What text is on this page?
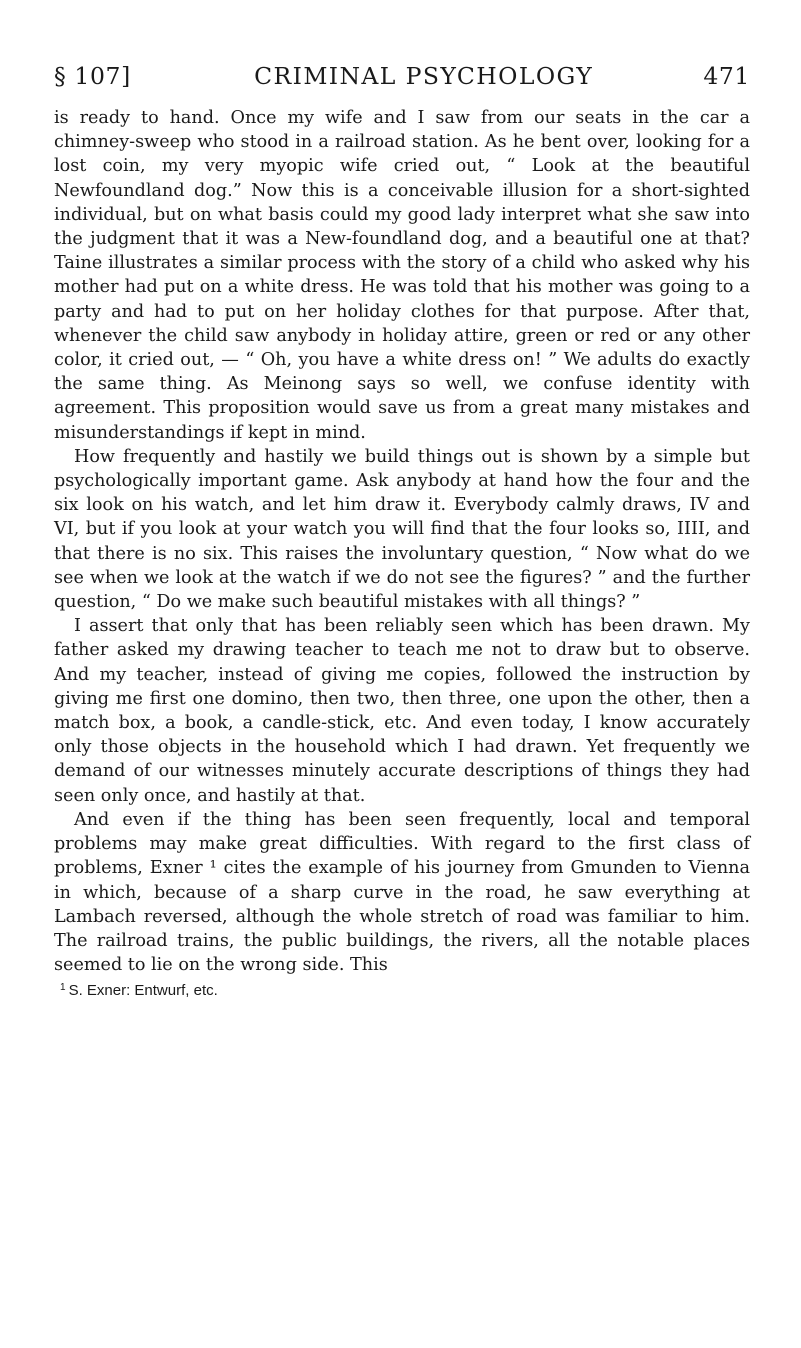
§ 107]	CRIMINAL PSYCHOLOGY	471

is ready to hand. Once my wife and I saw from our seats in the car a chimney-sweep who stood in a railroad station. As he bent over, looking for a lost coin, my very myopic wife cried out, “ Look at the beautiful Newfoundland dog.” Now this is a conceivable illusion for a short-sighted individual, but on what basis could my good lady interpret what she saw into the judgment that it was a New-foundland dog, and a beautiful one at that? Taine illustrates a similar process with the story of a child who asked why his mother had put on a white dress. He was told that his mother was going to a party and had to put on her holiday clothes for that purpose. After that, whenever the child saw anybody in holiday attire, green or red or any other color, it cried out, — “ Oh, you have a white dress on! ” We adults do exactly the same thing. As Meinong says so well, we confuse identity with agreement. This proposition would save us from a great many mistakes and misunderstandings if kept in mind.

How frequently and hastily we build things out is shown by a simple but psychologically important game. Ask anybody at hand how the four and the six look on his watch, and let him draw it. Everybody calmly draws, IV and VI, but if you look at your watch you will find that the four looks so, IIII, and that there is no six. This raises the involuntary question, “ Now what do we see when we look at the watch if we do not see the figures? ” and the further question, “ Do we make such beautiful mistakes with all things? ”

I assert that only that has been reliably seen which has been drawn. My father asked my drawing teacher to teach me not to draw but to observe. And my teacher, instead of giving me copies, followed the instruction by giving me first one domino, then two, then three, one upon the other, then a match box, a book, a candle-stick, etc. And even today, I know accurately only those objects in the household which I had drawn. Yet frequently we demand of our witnesses minutely accurate descriptions of things they had seen only once, and hastily at that.

And even if the thing has been seen frequently, local and temporal problems may make great difficulties. With regard to the first class of problems, Exner ¹ cites the example of his journey from Gmunden to Vienna in which, because of a sharp curve in the road, he saw everything at Lambach reversed, although the whole stretch of road was familiar to him. The railroad trains, the public buildings, the rivers, all the notable places seemed to lie on the wrong side. This

$^1$ S. Exner: Entwurf, etc.
